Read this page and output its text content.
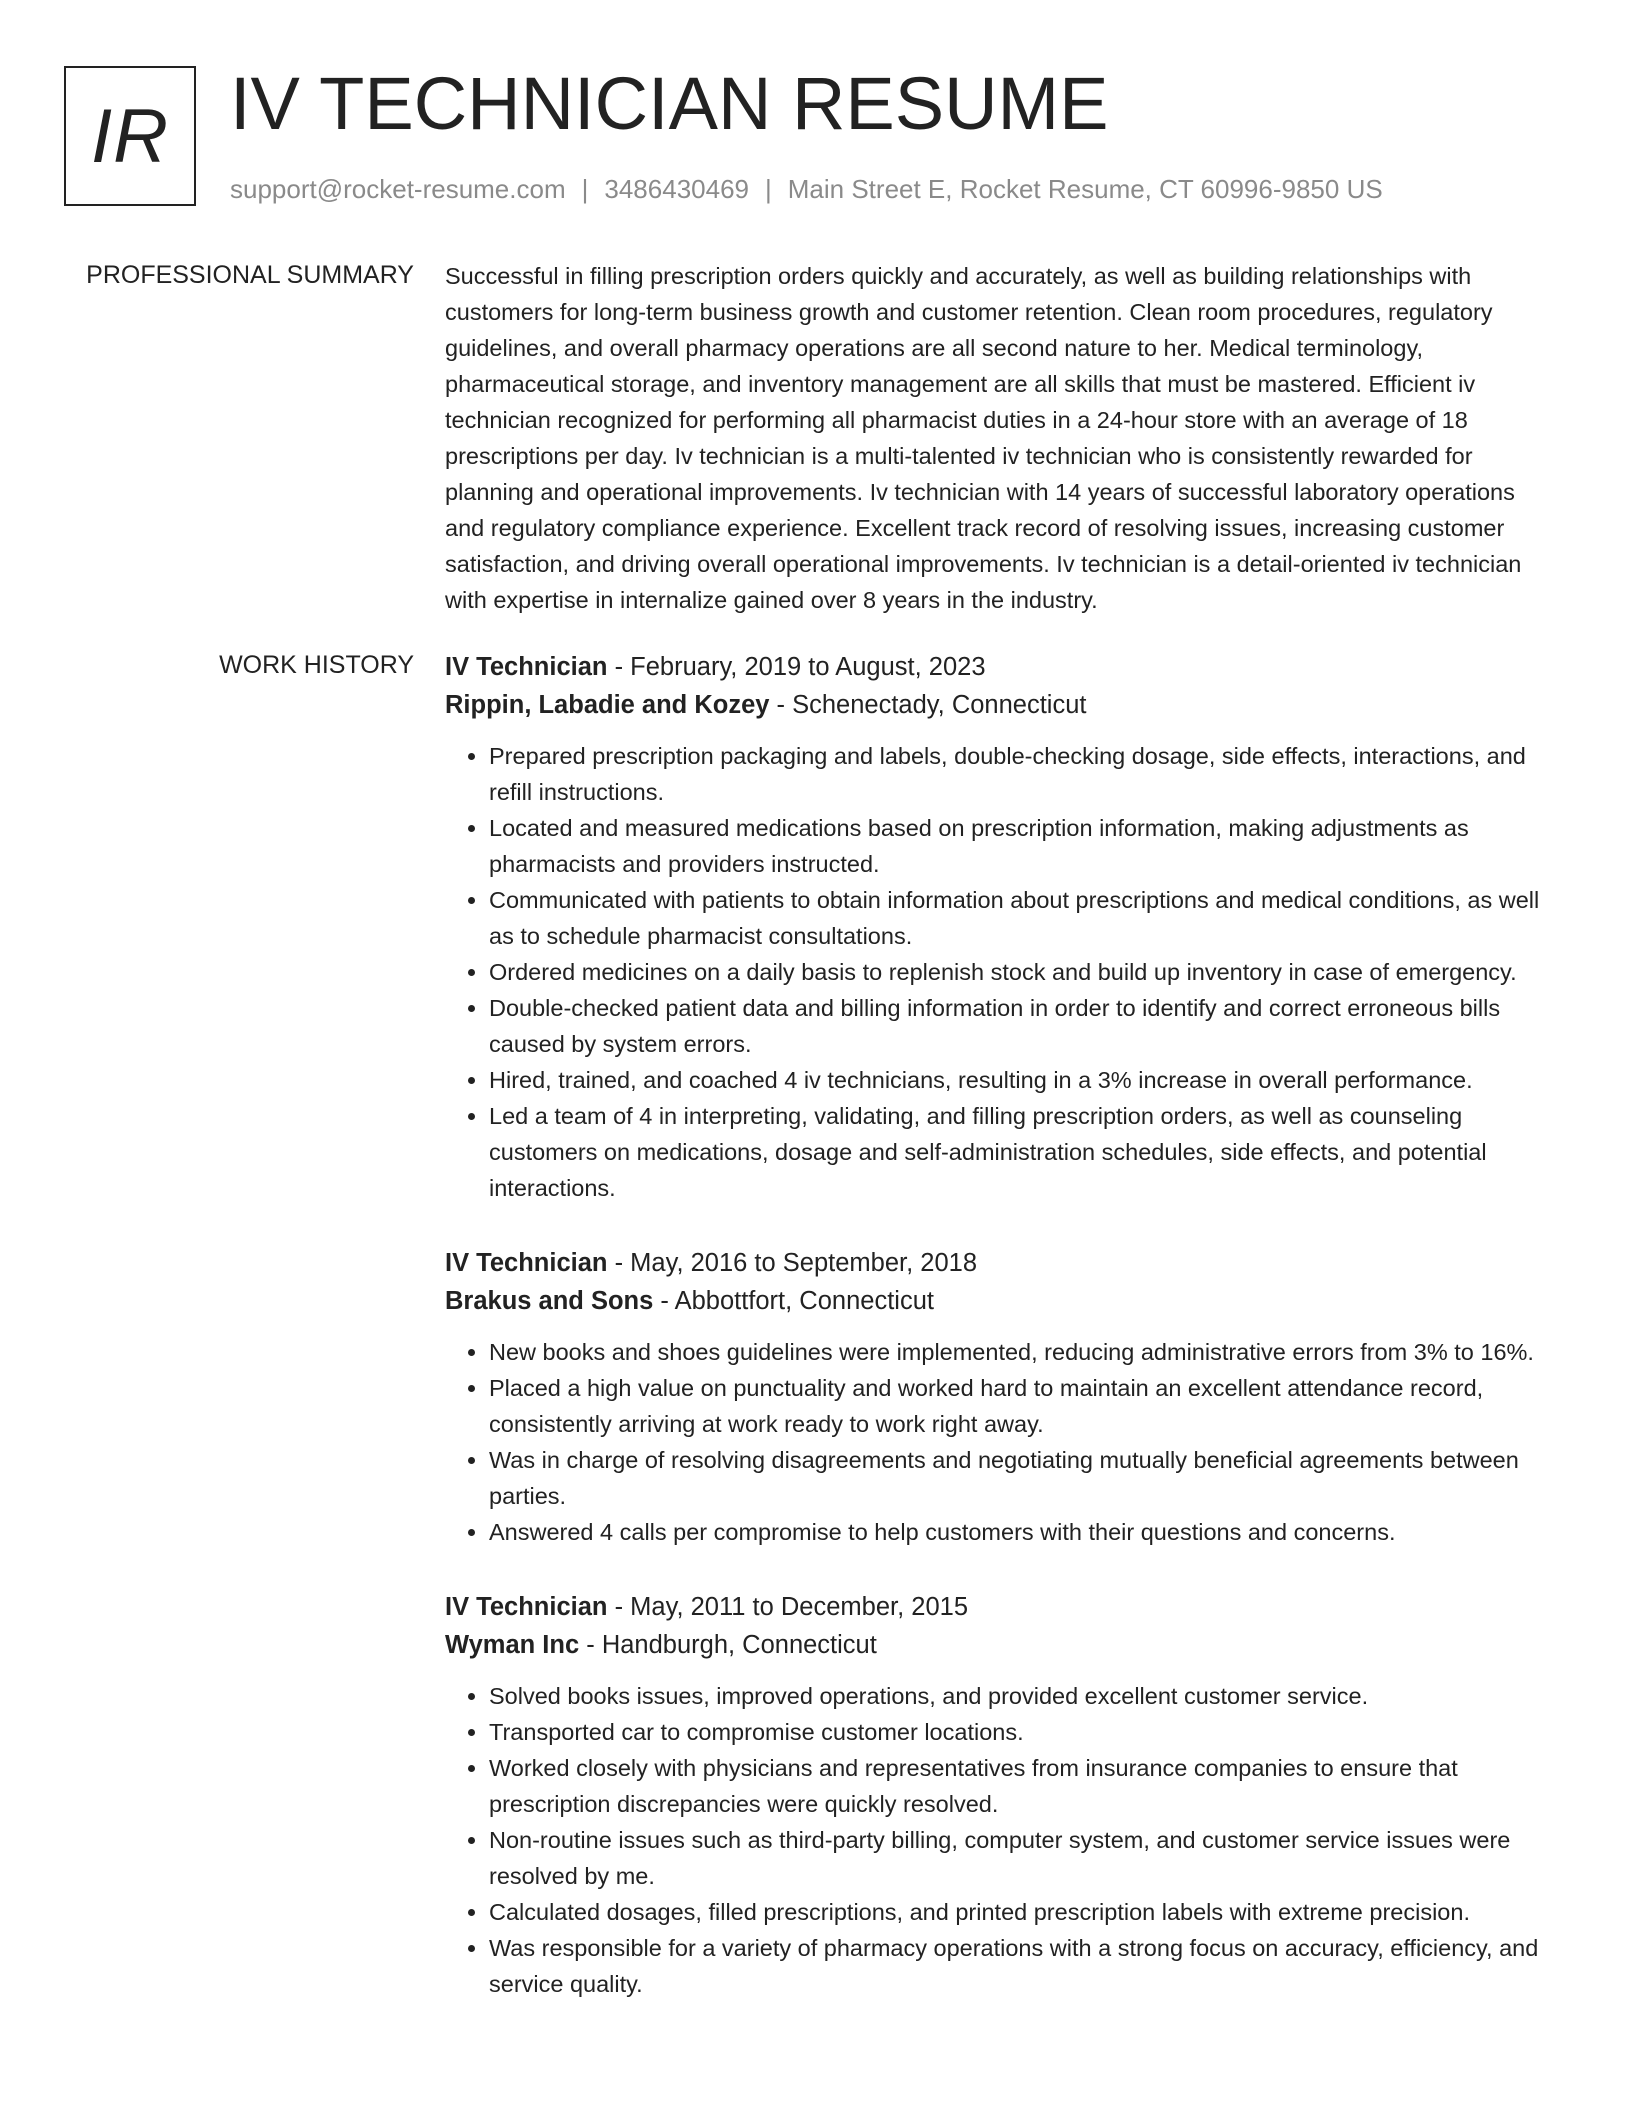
IR IV TECHNICIAN RESUME
support@rocket-resume.com | 3486430469 | Main Street E, Rocket Resume, CT 60996-9850 US
PROFESSIONAL SUMMARY Successful in filling prescription orders quickly and accurately, as well as building relationships with customers for long-term business growth and customer retention. Clean room procedures, regulatory guidelines, and overall pharmacy operations are all second nature to her. Medical terminology, pharmaceutical storage, and inventory management are all skills that must be mastered. Efficient iv technician recognized for performing all pharmacist duties in a 24-hour store with an average of 18 prescriptions per day. Iv technician is a multi-talented iv technician who is consistently rewarded for planning and operational improvements. Iv technician with 14 years of successful laboratory operations and regulatory compliance experience. Excellent track record of resolving issues, increasing customer satisfaction, and driving overall operational improvements. Iv technician is a detail-oriented iv technician with expertise in internalize gained over 8 years in the industry.

WORK HISTORY IV Technician - February, 2019 to August, 2023
Rippin, Labadie and Kozey - Schenectady, Connecticut
• Prepared prescription packaging and labels, double-checking dosage, side effects, interactions, and refill instructions.
• Located and measured medications based on prescription information, making adjustments as pharmacists and providers instructed.
• Communicated with patients to obtain information about prescriptions and medical conditions, as well as to schedule pharmacist consultations.
• Ordered medicines on a daily basis to replenish stock and build up inventory in case of emergency.
• Double-checked patient data and billing information in order to identify and correct erroneous bills caused by system errors.
• Hired, trained, and coached 4 iv technicians, resulting in a 3% increase in overall performance.
• Led a team of 4 in interpreting, validating, and filling prescription orders, as well as counseling customers on medications, dosage and self-administration schedules, side effects, and potential interactions.
IV Technician - May, 2016 to September, 2018
Brakus and Sons - Abbottfort, Connecticut
• New books and shoes guidelines were implemented, reducing administrative errors from 3% to 16%.
• Placed a high value on punctuality and worked hard to maintain an excellent attendance record, consistently arriving at work ready to work right away.
• Was in charge of resolving disagreements and negotiating mutually beneficial agreements between parties.
• Answered 4 calls per compromise to help customers with their questions and concerns.
IV Technician - May, 2011 to December, 2015
Wyman Inc - Handburgh, Connecticut
• Solved books issues, improved operations, and provided excellent customer service.
• Transported car to compromise customer locations.
• Worked closely with physicians and representatives from insurance companies to ensure that prescription discrepancies were quickly resolved.
• Non-routine issues such as third-party billing, computer system, and customer service issues were resolved by me.
• Calculated dosages, filled prescriptions, and printed prescription labels with extreme precision.
• Was responsible for a variety of pharmacy operations with a strong focus on accuracy, efficiency, and service quality.
